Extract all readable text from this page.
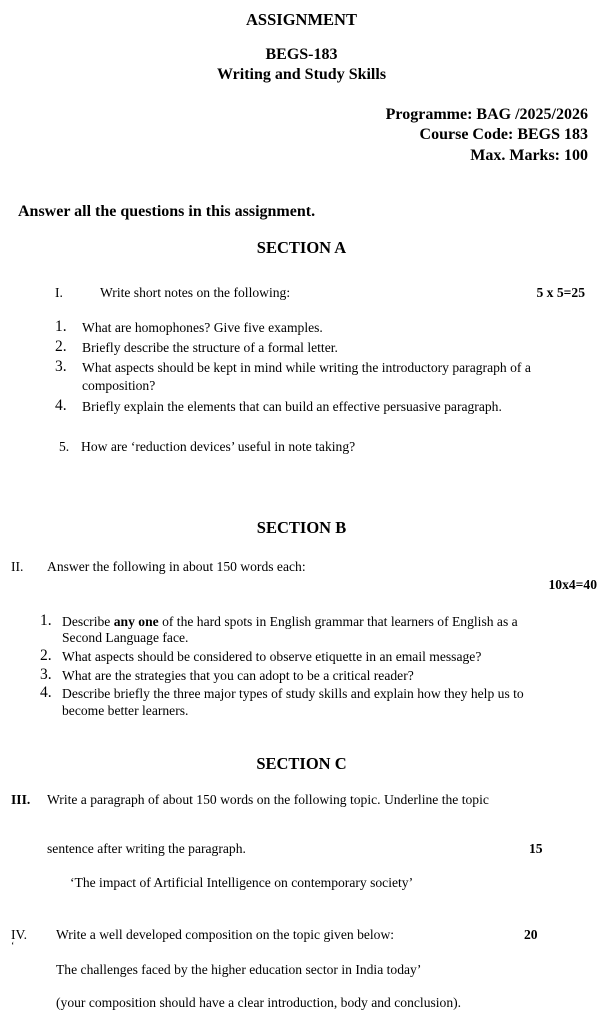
ASSIGNMENT
BEGS-183
Writing and Study Skills
Programme: BAG /2025/2026
Course Code: BEGS 183
Max. Marks: 100
Answer all the questions in this assignment.
SECTION A
I.	Write short notes on the following:	5 x 5=25
1. What are homophones? Give five examples.
2. Briefly describe the structure of a formal letter.
3. What aspects should be kept in mind while writing the introductory paragraph of a
composition?
4. Briefly explain the elements that can build an effective persuasive paragraph.
5. How are ‘reduction devices’ useful in note taking?
SECTION B
II. Answer the following in about 150 words each:
10x4=40
1. Describe any one of the hard spots in English grammar that learners of English as a
Second Language face.
2. What aspects should be considered to observe etiquette in an email message?
3. What are the strategies that you can adopt to be a critical reader?
4. Describe briefly the three major types of study skills and explain how they help us to
become better learners.
SECTION C
III. Write a paragraph of about 150 words on the following topic. Underline the topic
sentence after writing the paragraph.	15
‘The impact of Artificial Intelligence on contemporary society’
IV.
‘
Write a well developed composition on the topic given below:	20
The challenges faced by the higher education sector in India today’
(your composition should have a clear introduction, body and conclusion).
